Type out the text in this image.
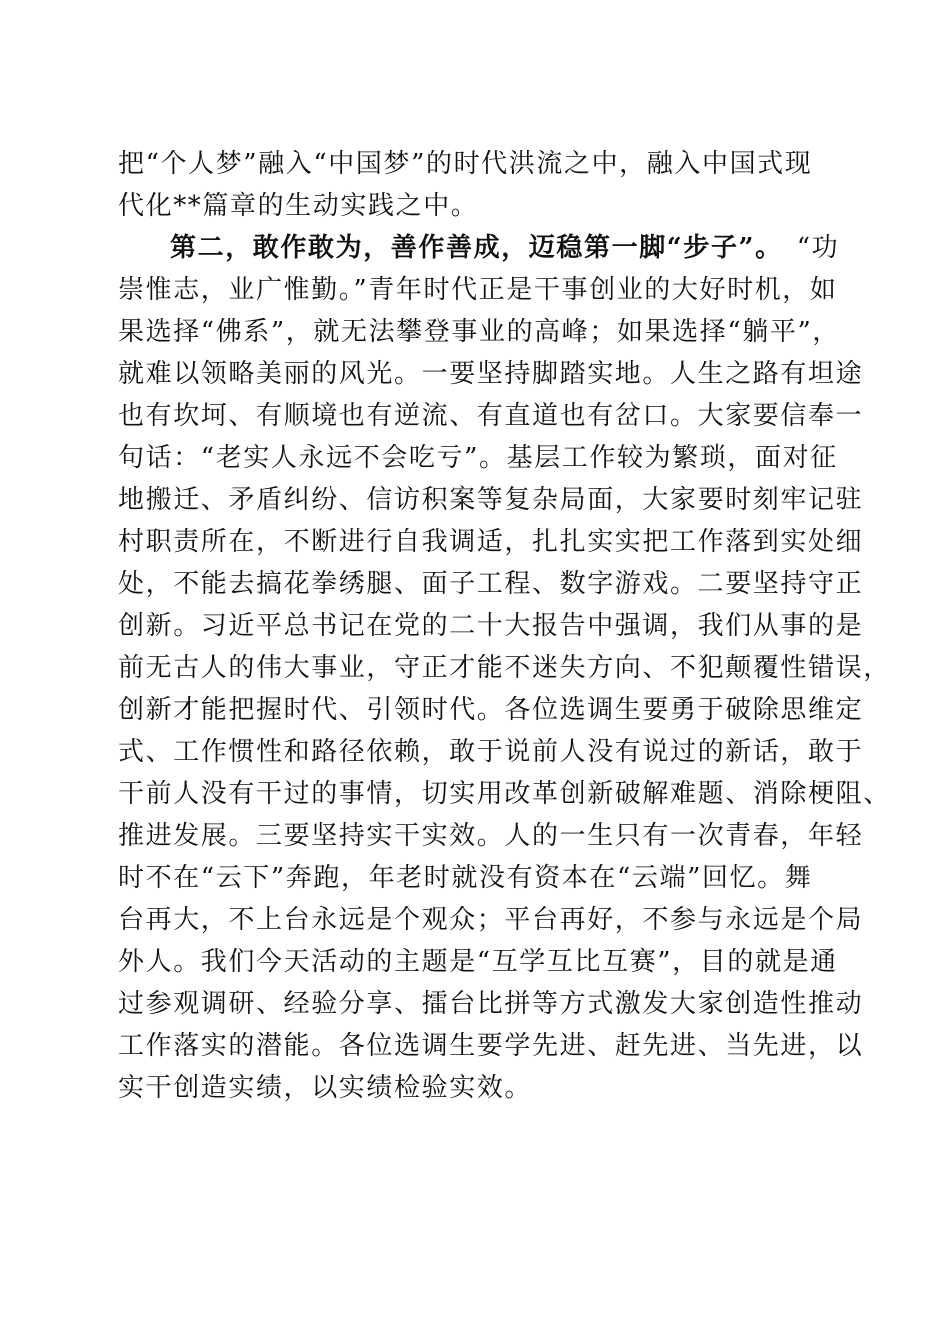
把“个人梦”融入“中国梦”的时代洪流之中，融入中国式现
代化**篇章的生动实践之中。
第二，敢作敢为，善作善成，迈稳第一脚“步子”。 “功
崇惟志，业广惟勤。”青年时代正是干事创业的大好时机，如
果选择“佛系”，就无法攀登事业的高峰；如果选择“躺平”，
就难以领略美丽的风光。一要坚持脚踏实地。人生之路有坦途
也有坎坷、有顺境也有逆流、有直道也有岔口。大家要信奉一
句话：“老实人永远不会吃亏”。基层工作较为繁琐，面对征
地搬迁、矛盾纠纷、信访积案等复杂局面，大家要时刻牢记驻
村职责所在，不断进行自我调适，扎扎实实把工作落到实处细
处，不能去搞花拳绣腿、面子工程、数字游戏。二要坚持守正
创新。习近平总书记在党的二十大报告中强调，我们从事的是
前无古人的伟大事业，守正才能不迷失方向、不犯颠覆性错误，
创新才能把握时代、引领时代。各位选调生要勇于破除思维定
式、工作惯性和路径依赖，敢于说前人没有说过的新话，敢于
干前人没有干过的事情，切实用改革创新破解难题、消除梗阻、
推进发展。三要坚持实干实效。人的一生只有一次青春，年轻
时不在“云下”奔跑，年老时就没有资本在“云端”回忆。舞
台再大，不上台永远是个观众；平台再好，不参与永远是个局
外人。我们今天活动的主题是“互学互比互赛”，目的就是通
过参观调研、经验分享、擂台比拼等方式激发大家创造性推动
工作落实的潜能。各位选调生要学先进、赶先进、当先进，以
实干创造实绩，以实绩检验实效。
